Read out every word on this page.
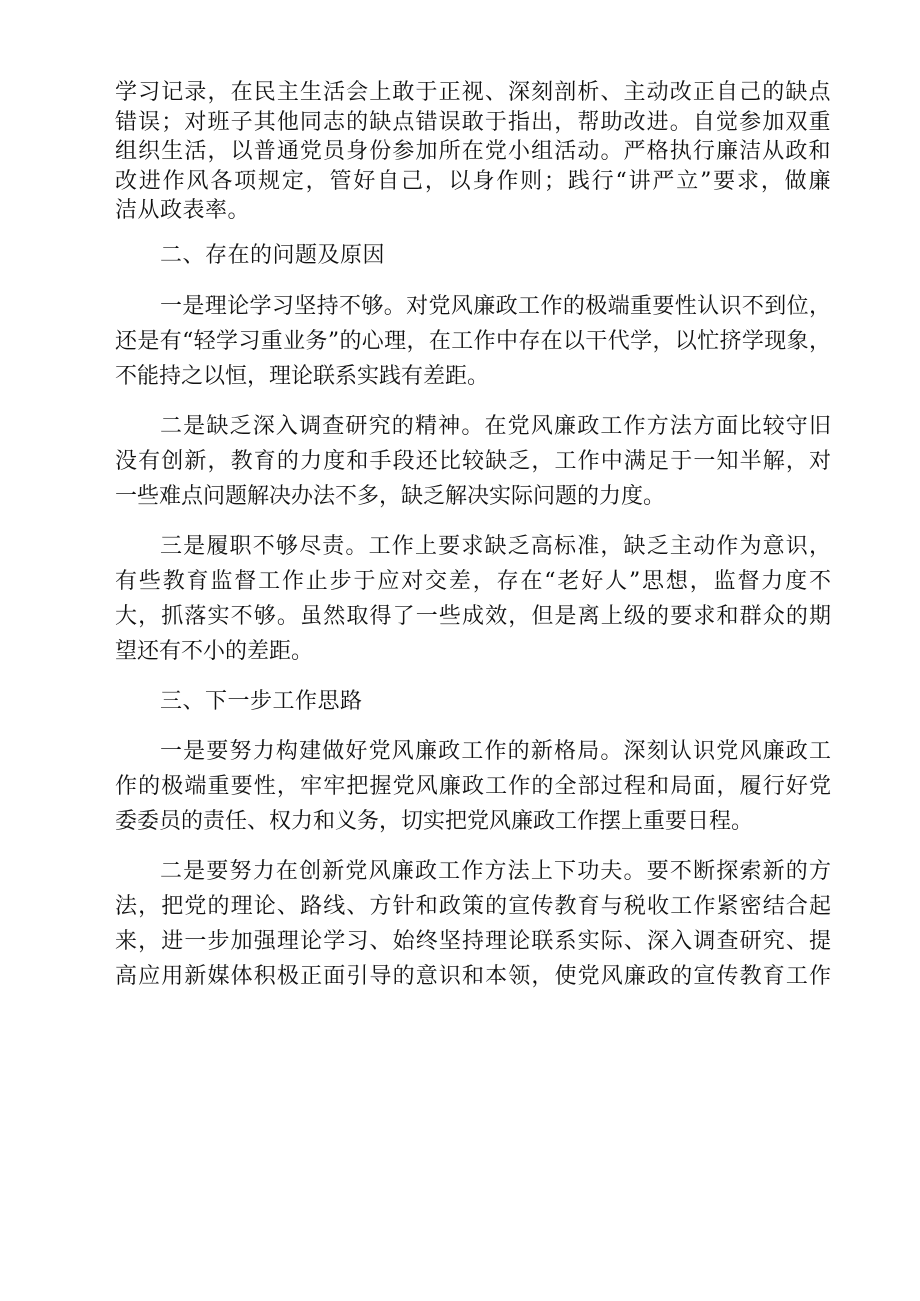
学习记录，在民主生活会上敢于正视、深刻剖析、主动改正自己的缺点
错误；对班子其他同志的缺点错误敢于指出，帮助改进。自觉参加双重
组织生活，以普通党员身份参加所在党小组活动。严格执行廉洁从政和
改进作风各项规定，管好自己，以身作则；践行“讲严立”要求，做廉
洁从政表率。
二、存在的问题及原因
一是理论学习坚持不够。对党风廉政工作的极端重要性认识不到位，
还是有“轻学习重业务”的心理，在工作中存在以干代学，以忙挤学现象，
不能持之以恒，理论联系实践有差距。
二是缺乏深入调查研究的精神。在党风廉政工作方法方面比较守旧
没有创新，教育的力度和手段还比较缺乏，工作中满足于一知半解，对
一些难点问题解决办法不多，缺乏解决实际问题的力度。
三是履职不够尽责。工作上要求缺乏高标准，缺乏主动作为意识，
有些教育监督工作止步于应对交差，存在“老好人”思想，监督力度不
大，抓落实不够。虽然取得了一些成效，但是离上级的要求和群众的期
望还有不小的差距。
三、下一步工作思路
一是要努力构建做好党风廉政工作的新格局。深刻认识党风廉政工
作的极端重要性，牢牢把握党风廉政工作的全部过程和局面，履行好党
委委员的责任、权力和义务，切实把党风廉政工作摆上重要日程。
二是要努力在创新党风廉政工作方法上下功夫。要不断探索新的方
法，把党的理论、路线、方针和政策的宣传教育与税收工作紧密结合起
来，进一步加强理论学习、始终坚持理论联系实际、深入调查研究、提
高应用新媒体积极正面引导的意识和本领，使党风廉政的宣传教育工作
